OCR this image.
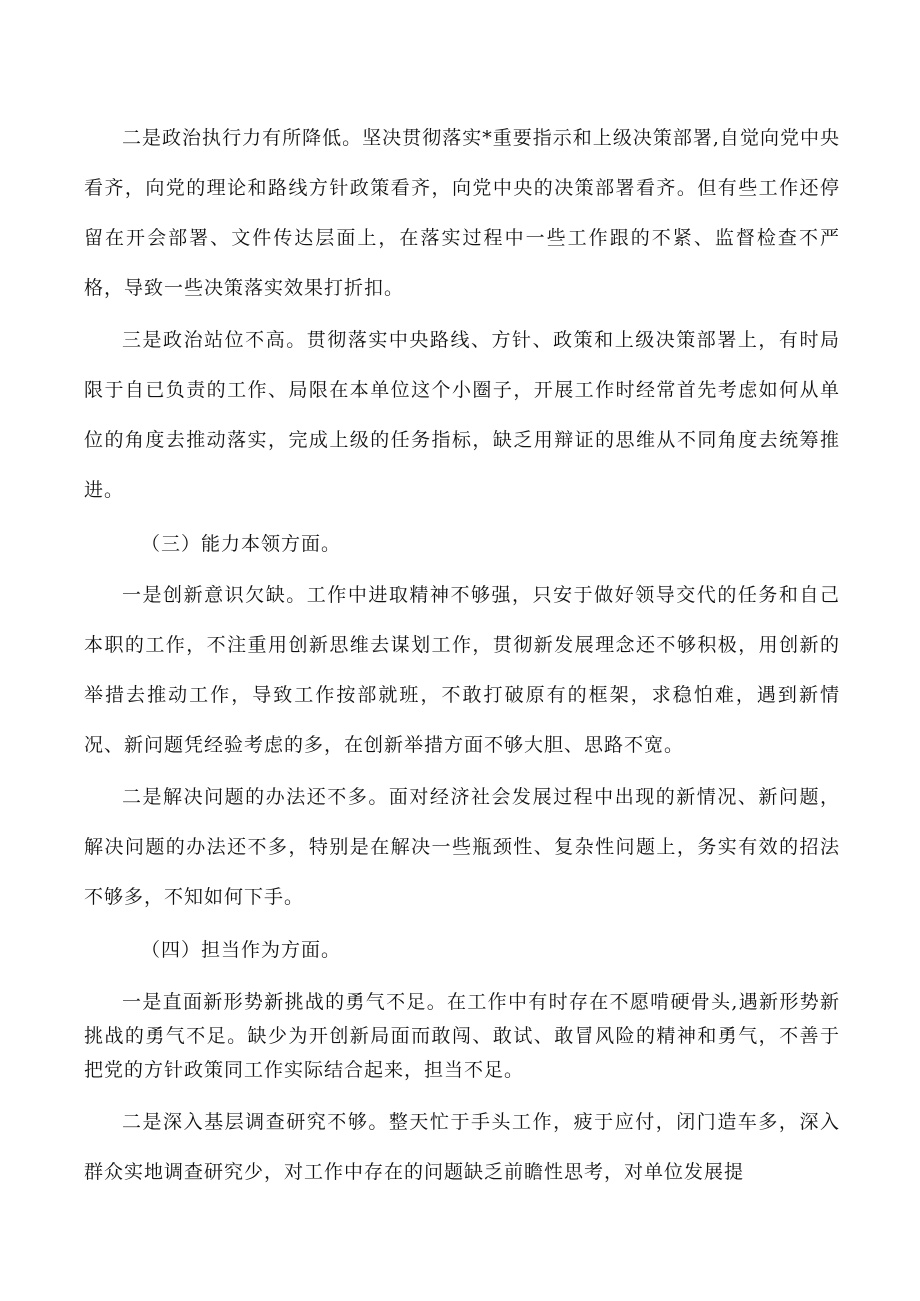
二是政治执行力有所降低。坚决贯彻落实*重要指示和上级决策部署,自觉向党中央看齐，向党的理论和路线方针政策看齐，向党中央的决策部署看齐。但有些工作还停留在开会部署、文件传达层面上，在落实过程中一些工作跟的不紧、监督检查不严格，导致一些决策落实效果打折扣。

三是政治站位不高。贯彻落实中央路线、方针、政策和上级决策部署上，有时局限于自已负责的工作、局限在本单位这个小圈子，开展工作时经常首先考虑如何从单位的角度去推动落实，完成上级的任务指标，缺乏用辩证的思维从不同角度去统筹推进。

（三）能力本领方面。

一是创新意识欠缺。工作中进取精神不够强，只安于做好领导交代的任务和自己本职的工作，不注重用创新思维去谋划工作，贯彻新发展理念还不够积极，用创新的举措去推动工作，导致工作按部就班，不敢打破原有的框架，求稳怕难，遇到新情况、新问题凭经验考虑的多，在创新举措方面不够大胆、思路不宽。

二是解决问题的办法还不多。面对经济社会发展过程中出现的新情况、新问题，解决问题的办法还不多，特别是在解决一些瓶颈性、复杂性问题上，务实有效的招法不够多，不知如何下手。

（四）担当作为方面。

一是直面新形势新挑战的勇气不足。在工作中有时存在不愿啃硬骨头,遇新形势新挑战的勇气不足。缺少为开创新局面而敢闯、敢试、敢冒风险的精神和勇气，不善于把党的方针政策同工作实际结合起来，担当不足。

二是深入基层调查研究不够。整天忙于手头工作，疲于应付，闭门造车多，深入群众实地调查研究少，对工作中存在的问题缺乏前瞻性思考，对单位发展提
